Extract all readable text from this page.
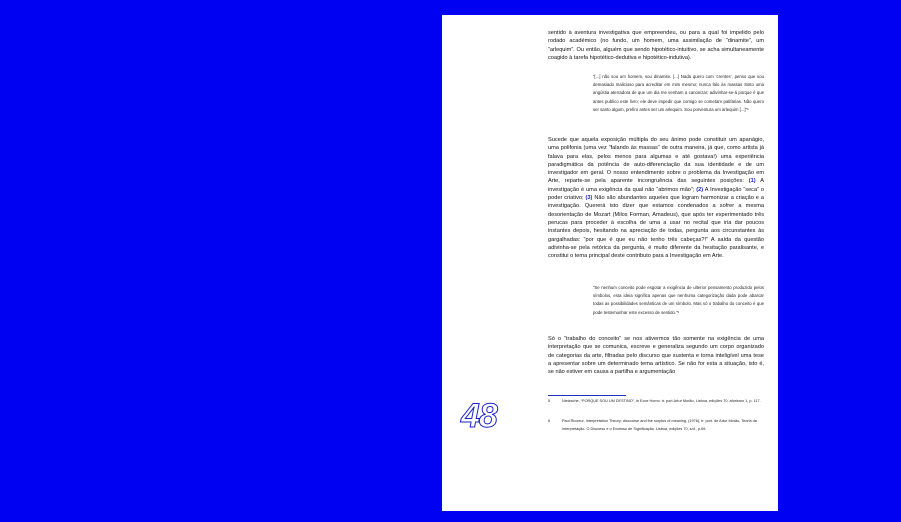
sentido à aventura investigativa que empreendeu, ou para a qual foi impelido pelo rodado académico (no fundo, um homem, uma assimilação de “dinamite”, um “arlequim”. Ou então, alguém que sendo hipotético-intuitivo, se acha simultaneamente coagido à tarefa hipotético-dedutiva e hipotético-indutiva).

“[...] não sou um homem, sou dinamite. [...] Nada quero com ‘crentes’, penso que sou demasiado malicioso para acreditar em mim mesmo; nunca falo às massas Sinto uma angústia aterradora de que um dia me venham a canonizar; adivinhar-se-á porque é que antes publico este livro; ele deve impedir que comigo se cometam patifarias. Não quero ser santo algum, prefiro antes ser um arlequim. Sou porventura um arlequim [...]”⁵

Sucede que aquela exposição múltipla do seu ânimo pode constituir um apanágio, uma polifonia (uma vez “falando às massas” de outra maneira, já que, como artista já falava para elas, pelos menos para algumas e até gostava!) uma experiência paradigmática da potência de auto-diferenciação da sua identidade e de um investigador em geral. O nosso entendimento sobre o problema da Investigação em Arte, reparte-se pela aparente incongruência das seguintes posições: (1) A investigação é uma exigência da qual não “abrimos mão”; (2) A Investigação “seca” o poder criativo; (3) Não são abundantes aqueles que logram harmonizar a criação e a investigação. Quererá isto dizer que estamos condenados a sofrer a mesma desorientação de Mozart (Milos Forman, Amadeus), que após ter experimentado três perucas para proceder à escolha de uma a usar no recital que iria dar poucos instantes depois, hesitando na apreciação de todas, pergunta aos circunstantes às gargalhadas: “por que é que eu não tenho três cabeças?!” A saída da questão adivinha-se pela retórica da pergunta, é muito diferente da hesitação paralisante, e constitui o tema principal deste contributo para a Investigação em Arte.

“Se nenhum conceito pode esgotar a exigência de ulterior pensamento produzido pelos símbolos, esta ideia significa apenas que nenhuma categorização dada pode abarcar todas as possibilidades semânticas de um símbolo. Mas só o trabalho do conceito é que pode testemunhar este excesso de sentido.”⁶

Só o “trabalho do conceito” se nos ativermos tão somente na exigência de uma interpretação que se comunica, escreve e generaliza segundo um corpo organizado de categorias da arte, filtradas pelo discurso que sustenta e torna inteligível uma tese a apresentar sobre um determinado tema artístico. Se não for esta a situação, isto é, se não estiver em causa a partilha e argumentação

5	Nietzsche, “PORQUE SOU UM DESTINO”, in Ecce Homo. tr. port.Artur Morão, Lisboa, edições 70, aforismo 1, p. 117.

6	Paul Ricoeur, Interpretation Theory: discourse and the surplus of meaning, (1976), tr. port. de Artur Morão, Teoria da Interpretação. O Discurso e o Excesso de Significação. Lisboa, edições 70, s/d., p.69.

48
